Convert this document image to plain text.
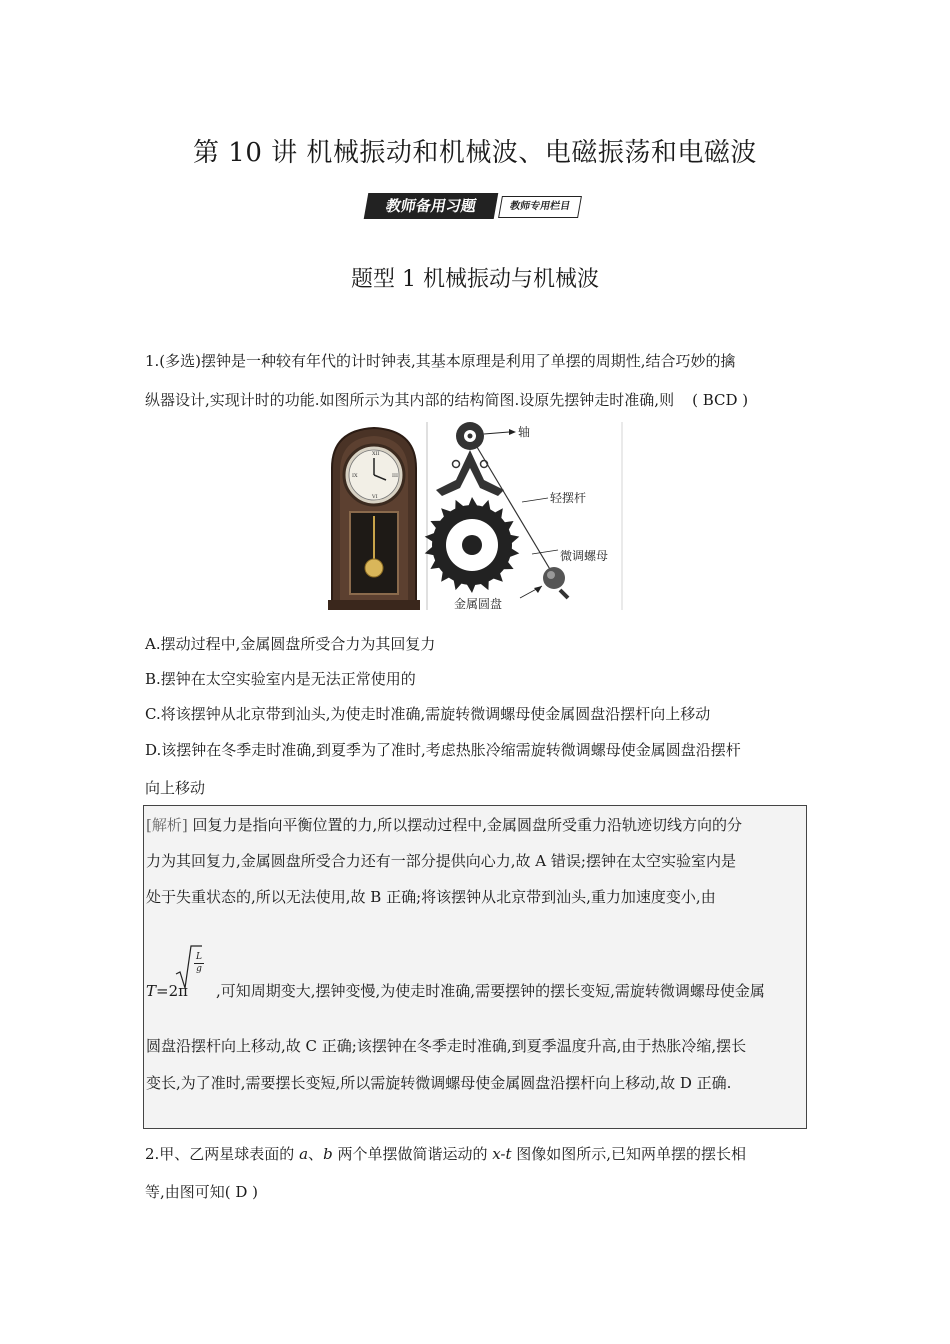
第 10 讲 机械振动和机械波、电磁振荡和电磁波
教师备用习题	教师专用栏目
题型 1 机械振动与机械波
1.(多选)摆钟是一种较有年代的计时钟表,其基本原理是利用了单摆的周期性,结合巧妙的擒
纵器设计,实现计时的功能.如图所示为其内部的结构简图.设原先摆钟走时准确,则 ( BCD )
XII
III
VI
IX
轴
轻摆杆
微调螺母
金属圆盘
A.摆动过程中,金属圆盘所受合力为其回复力
B.摆钟在太空实验室内是无法正常使用的
C.将该摆钟从北京带到汕头,为使走时准确,需旋转微调螺母使金属圆盘沿摆杆向上移动
D.该摆钟在冬季走时准确,到夏季为了准时,考虑热胀冷缩需旋转微调螺母使金属圆盘沿摆杆
向上移动
[解析] 回复力是指向平衡位置的力,所以摆动过程中,金属圆盘所受重力沿轨迹切线方向的分
力为其回复力,金属圆盘所受合力还有一部分提供向心力,故 A 错误;摆钟在太空实验室内是
处于失重状态的,所以无法使用,故 B 正确;将该摆钟从北京带到汕头,重力加速度变小,由
T=2π ,可知周期变大,摆钟变慢,为使走时准确,需要摆钟的摆长变短,需旋转微调螺母使金属
$\frac{L}{g}$
圆盘沿摆杆向上移动,故 C 正确;该摆钟在冬季走时准确,到夏季温度升高,由于热胀冷缩,摆长
变长,为了准时,需要摆长变短,所以需旋转微调螺母使金属圆盘沿摆杆向上移动,故 D 正确.
2.甲、乙两星球表面的 a、b 两个单摆做简谐运动的 x-t 图像如图所示,已知两单摆的摆长相
等,由图可知( D )
